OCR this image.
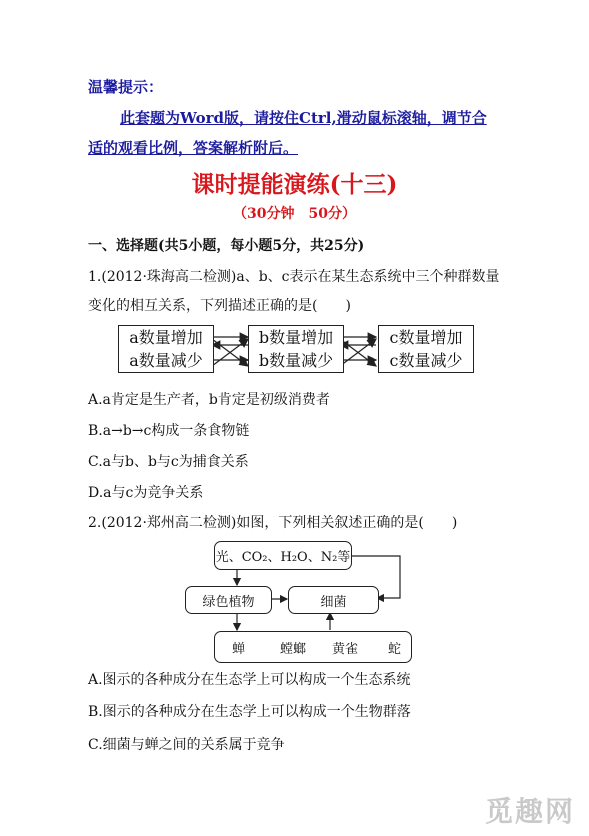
温馨提示：
此套题为Word版，请按住Ctrl,滑动鼠标滚轴，调节合
适的观看比例，答案解析附后。
课时提能演练(十三)
（30分钟　50分）
一、选择题(共5小题，每小题5分，共25分)
1.(2012·珠海高二检测)a、b、c表示在某生态系统中三个种群数量
变化的相互关系，下列描述正确的是(　　)
a数量增加
a数量减少
b数量增加
b数量减少
c数量增加
c数量减少
A.a肯定是生产者，b肯定是初级消费者
B.a→b→c构成一条食物链
C.a与b、b与c为捕食关系
D.a与c为竞争关系
2.(2012·郑州高二检测)如图，下列相关叙述正确的是(　　)
光、CO₂、H₂O、N₂等
绿色植物	细菌
蝉	螳螂 黄雀 蛇
A.图示的各种成分在生态学上可以构成一个生态系统
B.图示的各种成分在生态学上可以构成一个生物群落
C.细菌与蝉之间的关系属于竞争
觅趣网
